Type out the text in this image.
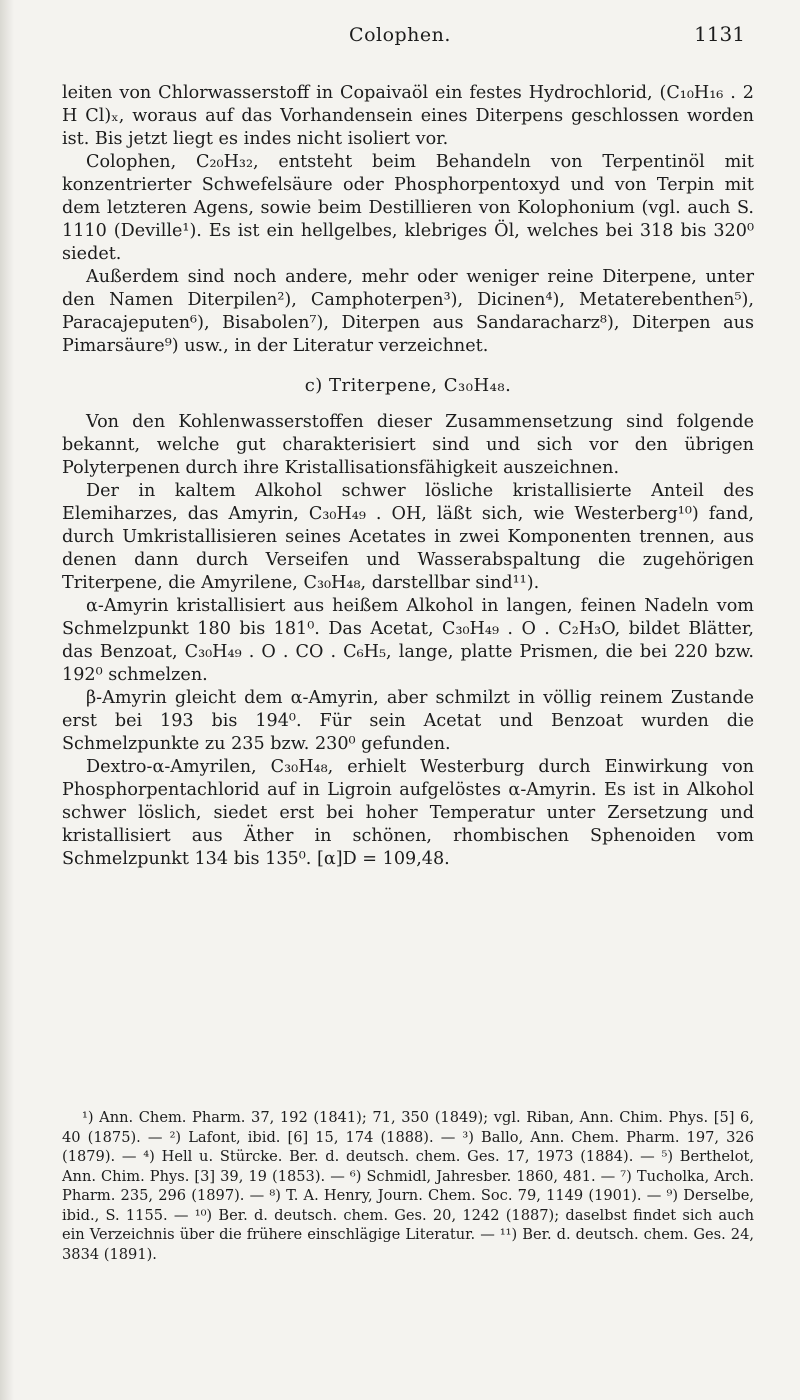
Colophen.	1131

leiten von Chlorwasserstoff in Copaivaöl ein festes Hydrochlorid, (C₁₀H₁₆ . 2 H Cl)ₓ, woraus auf das Vorhandensein eines Diterpens geschlossen worden ist. Bis jetzt liegt es indes nicht isoliert vor.

Colophen, C₂₀H₃₂, entsteht beim Behandeln von Terpentinöl mit konzentrierter Schwefelsäure oder Phosphorpentoxyd und von Terpin mit dem letzteren Agens, sowie beim Destillieren von Kolophonium (vgl. auch S. 1110 (Deville¹). Es ist ein hellgelbes, klebriges Öl, welches bei 318 bis 320⁰ siedet.

Außerdem sind noch andere, mehr oder weniger reine Diterpene, unter den Namen Diterpilen²), Camphoterpen³), Dicinen⁴), Metaterebenthen⁵), Paracajeputen⁶), Bisabolen⁷), Diterpen aus Sandaracharz⁸), Diterpen aus Pimarsäure⁹) usw., in der Literatur verzeichnet.

c) Triterpene, C₃₀H₄₈.

Von den Kohlenwasserstoffen dieser Zusammensetzung sind folgende bekannt, welche gut charakterisiert sind und sich vor den übrigen Polyterpenen durch ihre Kristallisationsfähigkeit auszeichnen.

Der in kaltem Alkohol schwer lösliche kristallisierte Anteil des Elemiharzes, das Amyrin, C₃₀H₄₉ . OH, läßt sich, wie Westerberg¹⁰) fand, durch Umkristallisieren seines Acetates in zwei Komponenten trennen, aus denen dann durch Verseifen und Wasserabspaltung die zugehörigen Triterpene, die Amyrilene, C₃₀H₄₈, darstellbar sind¹¹).

α-Amyrin kristallisiert aus heißem Alkohol in langen, feinen Nadeln vom Schmelzpunkt 180 bis 181⁰. Das Acetat, C₃₀H₄₉ . O . C₂H₃O, bildet Blätter, das Benzoat, C₃₀H₄₉ . O . CO . C₆H₅, lange, platte Prismen, die bei 220 bzw. 192⁰ schmelzen.

β-Amyrin gleicht dem α-Amyrin, aber schmilzt in völlig reinem Zustande erst bei 193 bis 194⁰. Für sein Acetat und Benzoat wurden die Schmelzpunkte zu 235 bzw. 230⁰ gefunden.

Dextro-α-Amyrilen, C₃₀H₄₈, erhielt Westerburg durch Einwirkung von Phosphorpentachlorid auf in Ligroin aufgelöstes α-Amyrin. Es ist in Alkohol schwer löslich, siedet erst bei hoher Temperatur unter Zersetzung und kristallisiert aus Äther in schönen, rhombischen Sphenoiden vom Schmelzpunkt 134 bis 135⁰. [α]D = 109,48.

¹) Ann. Chem. Pharm. 37, 192 (1841); 71, 350 (1849); vgl. Riban, Ann. Chim. Phys. [5] 6, 40 (1875). — ²) Lafont, ibid. [6] 15, 174 (1888). — ³) Ballo, Ann. Chem. Pharm. 197, 326 (1879). — ⁴) Hell u. Stürcke. Ber. d. deutsch. chem. Ges. 17, 1973 (1884). — ⁵) Berthelot, Ann. Chim. Phys. [3] 39, 19 (1853). — ⁶) Schmidl, Jahresber. 1860, 481. — ⁷) Tucholka, Arch. Pharm. 235, 296 (1897). — ⁸) T. A. Henry, Journ. Chem. Soc. 79, 1149 (1901). — ⁹) Derselbe, ibid., S. 1155. — ¹⁰) Ber. d. deutsch. chem. Ges. 20, 1242 (1887); daselbst findet sich auch ein Verzeichnis über die frühere einschlägige Literatur. — ¹¹) Ber. d. deutsch. chem. Ges. 24, 3834 (1891).
